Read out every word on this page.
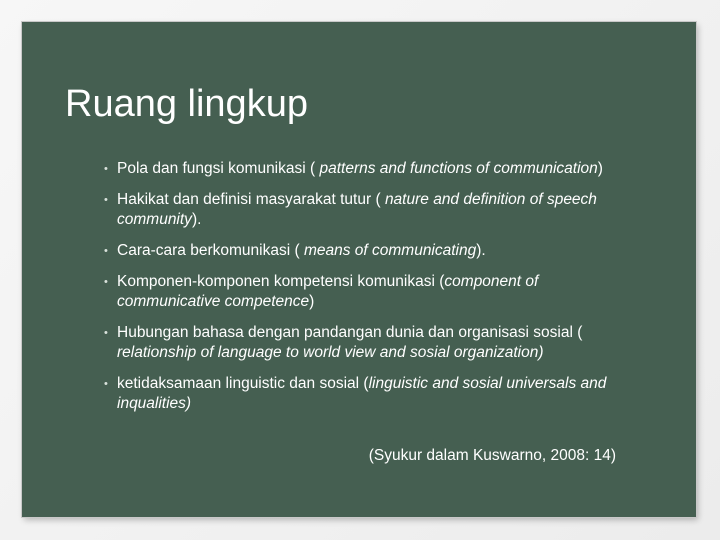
Ruang lingkup
• Pola dan fungsi komunikasi ( patterns and functions of communication)
• Hakikat dan definisi masyarakat tutur ( nature and definition of speech community).
• Cara-cara berkomunikasi ( means of communicating).
• Komponen-komponen kompetensi komunikasi (component of communicative competence)
• Hubungan bahasa dengan pandangan dunia dan organisasi sosial ( relationship of language to world view and sosial organization)
• ketidaksamaan linguistic dan sosial (linguistic and sosial universals and inqualities)
(Syukur dalam Kuswarno, 2008: 14)
